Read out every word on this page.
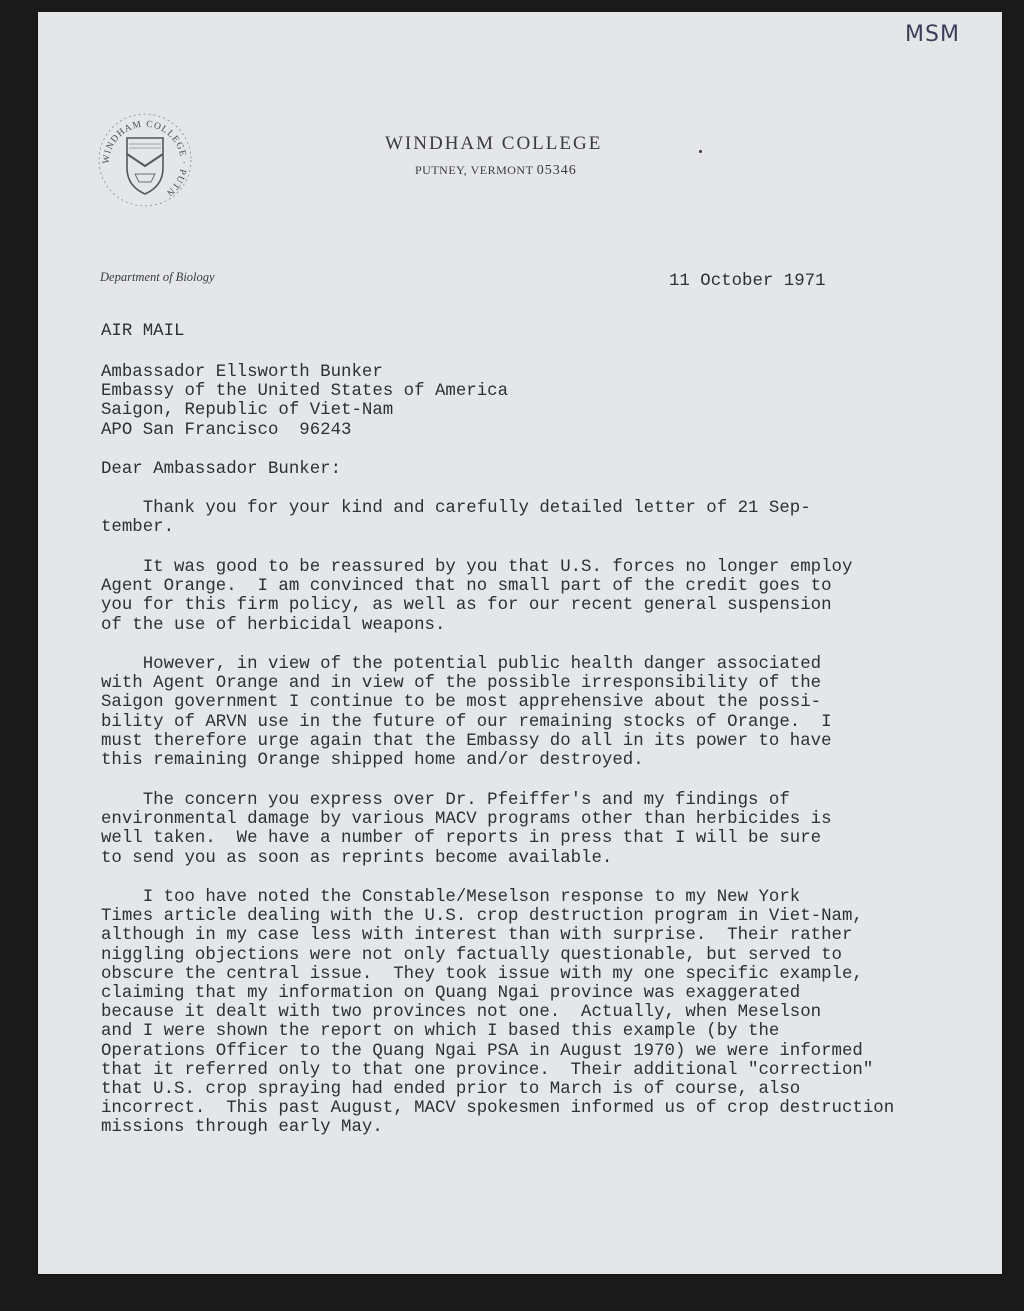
MSM
WINDHAM COLLEGE · PUTN
WINDHAM COLLEGE
PUTNEY, VERMONT 05346
Department of Biology	11 October 1971
AIR MAIL
Ambassador Ellsworth Bunker
Embassy of the United States of America
Saigon, Republic of Viet-Nam
APO San Francisco  96243
Dear Ambassador Bunker:
Thank you for your kind and carefully detailed letter of 21 Sep-
tember.
It was good to be reassured by you that U.S. forces no longer employ
Agent Orange.  I am convinced that no small part of the credit goes to
you for this firm policy, as well as for our recent general suspension
of the use of herbicidal weapons.
However, in view of the potential public health danger associated
with Agent Orange and in view of the possible irresponsibility of the
Saigon government I continue to be most apprehensive about the possi-
bility of ARVN use in the future of our remaining stocks of Orange.  I
must therefore urge again that the Embassy do all in its power to have
this remaining Orange shipped home and/or destroyed.
The concern you express over Dr. Pfeiffer's and my findings of
environmental damage by various MACV programs other than herbicides is
well taken.  We have a number of reports in press that I will be sure
to send you as soon as reprints become available.
I too have noted the Constable/Meselson response to my New York
Times article dealing with the U.S. crop destruction program in Viet-Nam,
although in my case less with interest than with surprise.  Their rather
niggling objections were not only factually questionable, but served to
obscure the central issue.  They took issue with my one specific example,
claiming that my information on Quang Ngai province was exaggerated
because it dealt with two provinces not one.  Actually, when Meselson
and I were shown the report on which I based this example (by the
Operations Officer to the Quang Ngai PSA in August 1970) we were informed
that it referred only to that one province.  Their additional "correction"
that U.S. crop spraying had ended prior to March is of course, also
incorrect.  This past August, MACV spokesmen informed us of crop destruction
missions through early May.
